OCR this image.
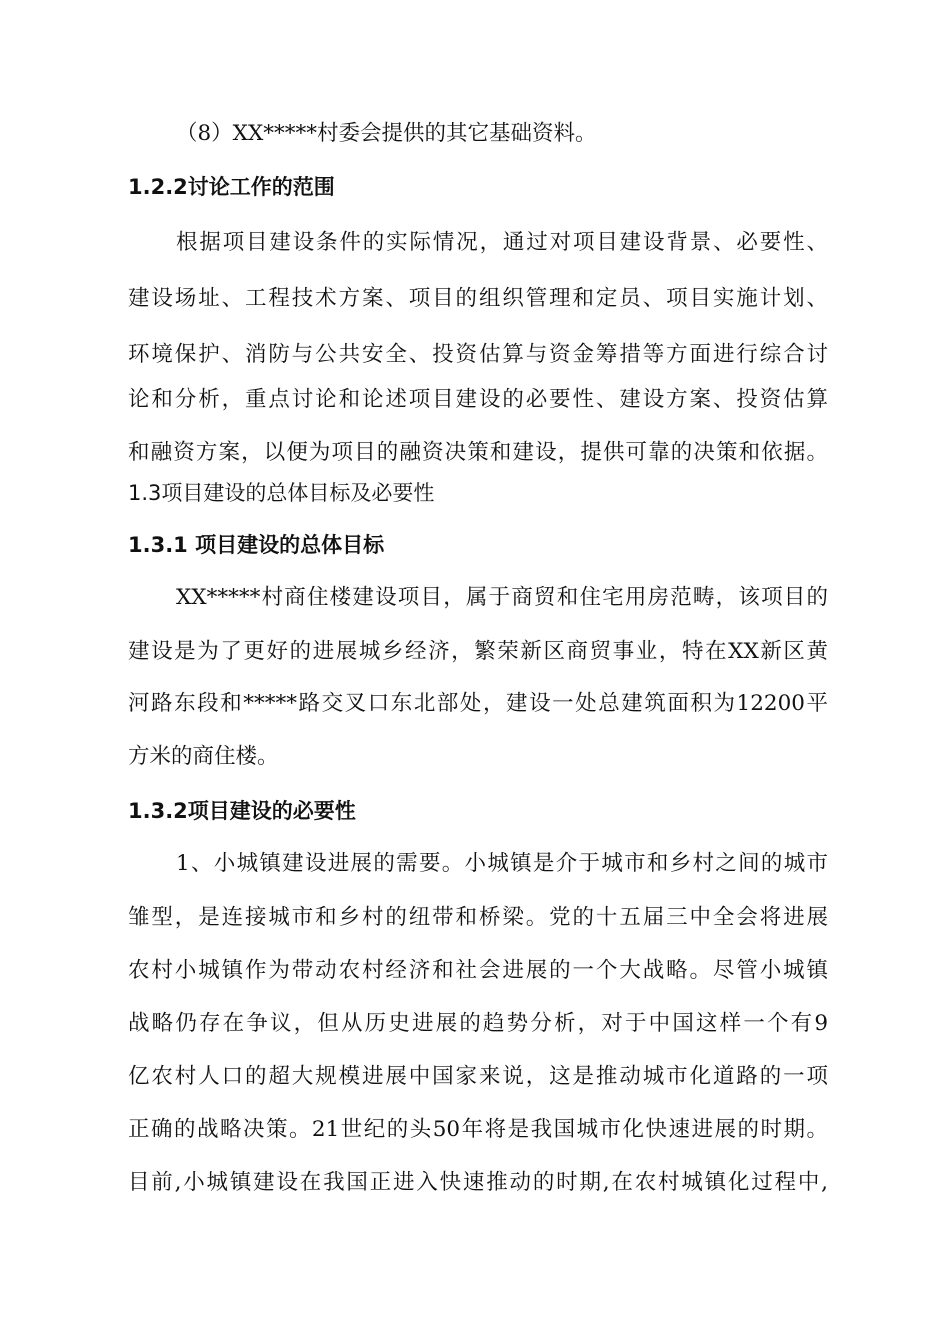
（8）XX*****村委会提供的其它基础资料。
1.2.2讨论工作的范围
根据项目建设条件的实际情况，通过对项目建设背景、必要性、
建设场址、工程技术方案、项目的组织管理和定员、项目实施计划、
环境保护、消防与公共安全、投资估算与资金筹措等方面进行综合讨
论和分析，重点讨论和论述项目建设的必要性、建设方案、投资估算
和融资方案，以便为项目的融资决策和建设，提供可靠的决策和依据。
1.3项目建设的总体目标及必要性
1.3.1 项目建设的总体目标
XX*****村商住楼建设项目，属于商贸和住宅用房范畴，该项目的
建设是为了更好的进展城乡经济，繁荣新区商贸事业，特在XX新区黄
河路东段和*****路交叉口东北部处，建设一处总建筑面积为12200平
方米的商住楼。
1.3.2项目建设的必要性
1、小城镇建设进展的需要。小城镇是介于城市和乡村之间的城市
雏型，是连接城市和乡村的纽带和桥梁。党的十五届三中全会将进展
农村小城镇作为带动农村经济和社会进展的一个大战略。尽管小城镇
战略仍存在争议，但从历史进展的趋势分析，对于中国这样一个有9
亿农村人口的超大规模进展中国家来说，这是推动城市化道路的一项
正确的战略决策。21世纪的头50年将是我国城市化快速进展的时期。
目前,小城镇建设在我国正进入快速推动的时期,在农村城镇化过程中,
